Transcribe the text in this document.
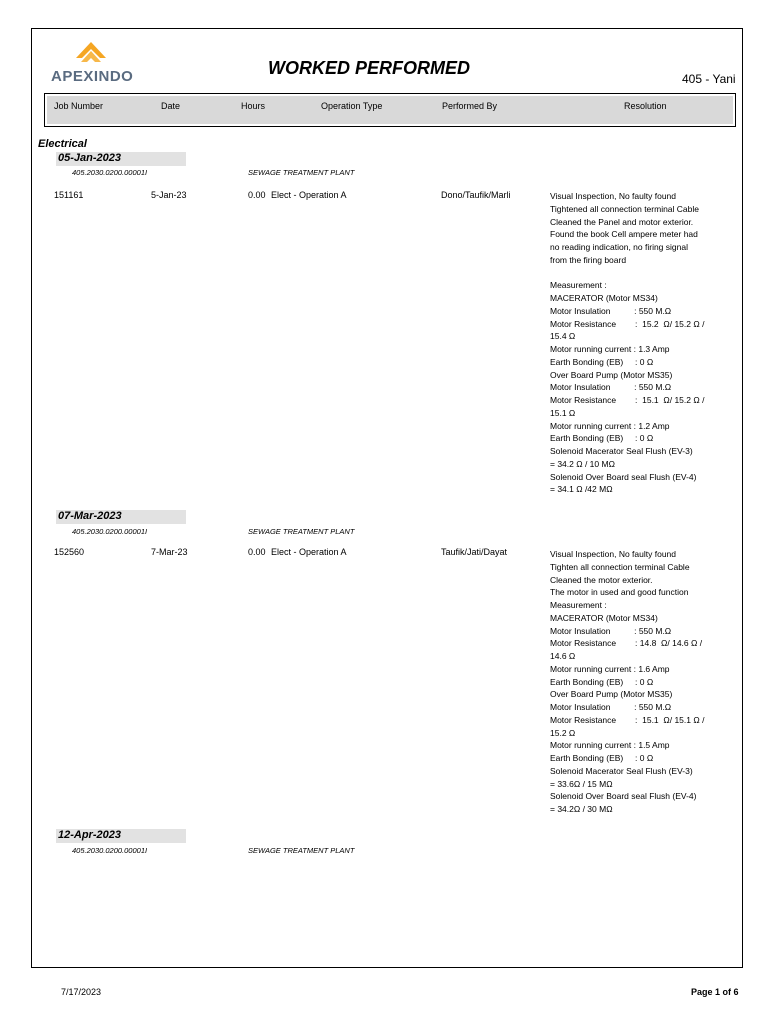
APEXINDO	WORKED PERFORMED
405 - Yani
Job Number	Date	Hours	Operation Type	Performed By	Resolution
Electrical
05-Jan-2023
405.2030.0200.00001I	SEWAGE TREATMENT PLANT
151161	5-Jan-23	0.00 Elect - Operation A	Dono/Taufik/Marli	Visual Inspection, No faulty found
Tightened all connection terminal Cable
Cleaned the Panel and motor exterior.
Found the book Cell ampere meter had
no reading indication, no firing signal
from the firing board

Measurement :
MACERATOR (Motor MS34)
Motor Insulation          : 550 M.Ω
Motor Resistance        :  15.2  Ω/ 15.2 Ω /
15.4 Ω
Motor running current : 1.3 Amp
Earth Bonding (EB)     : 0 Ω
Over Board Pump (Motor MS35)
Motor Insulation          : 550 M.Ω
Motor Resistance        :  15.1  Ω/ 15.2 Ω /
15.1 Ω
Motor running current : 1.2 Amp
Earth Bonding (EB)     : 0 Ω
Solenoid Macerator Seal Flush (EV-3)
= 34.2 Ω / 10 MΩ
Solenoid Over Board seal Flush (EV-4)
= 34.1 Ω /42 MΩ
07-Mar-2023
405.2030.0200.00001I	SEWAGE TREATMENT PLANT
152560	7-Mar-23	0.00 Elect - Operation A	Taufik/Jati/Dayat	Visual Inspection, No faulty found
Tighten all connection terminal Cable
Cleaned the motor exterior.
The motor in used and good function
Measurement :
MACERATOR (Motor MS34)
Motor Insulation          : 550 M.Ω
Motor Resistance        : 14.8  Ω/ 14.6 Ω /
14.6 Ω
Motor running current : 1.6 Amp
Earth Bonding (EB)     : 0 Ω
Over Board Pump (Motor MS35)
Motor Insulation          : 550 M.Ω
Motor Resistance        :  15.1  Ω/ 15.1 Ω /
15.2 Ω
Motor running current : 1.5 Amp
Earth Bonding (EB)     : 0 Ω
Solenoid Macerator Seal Flush (EV-3)
= 33.6Ω / 15 MΩ
Solenoid Over Board seal Flush (EV-4)
= 34.2Ω / 30 MΩ
12-Apr-2023
405.2030.0200.00001I	SEWAGE TREATMENT PLANT
7/17/2023	Page 1 of 6
